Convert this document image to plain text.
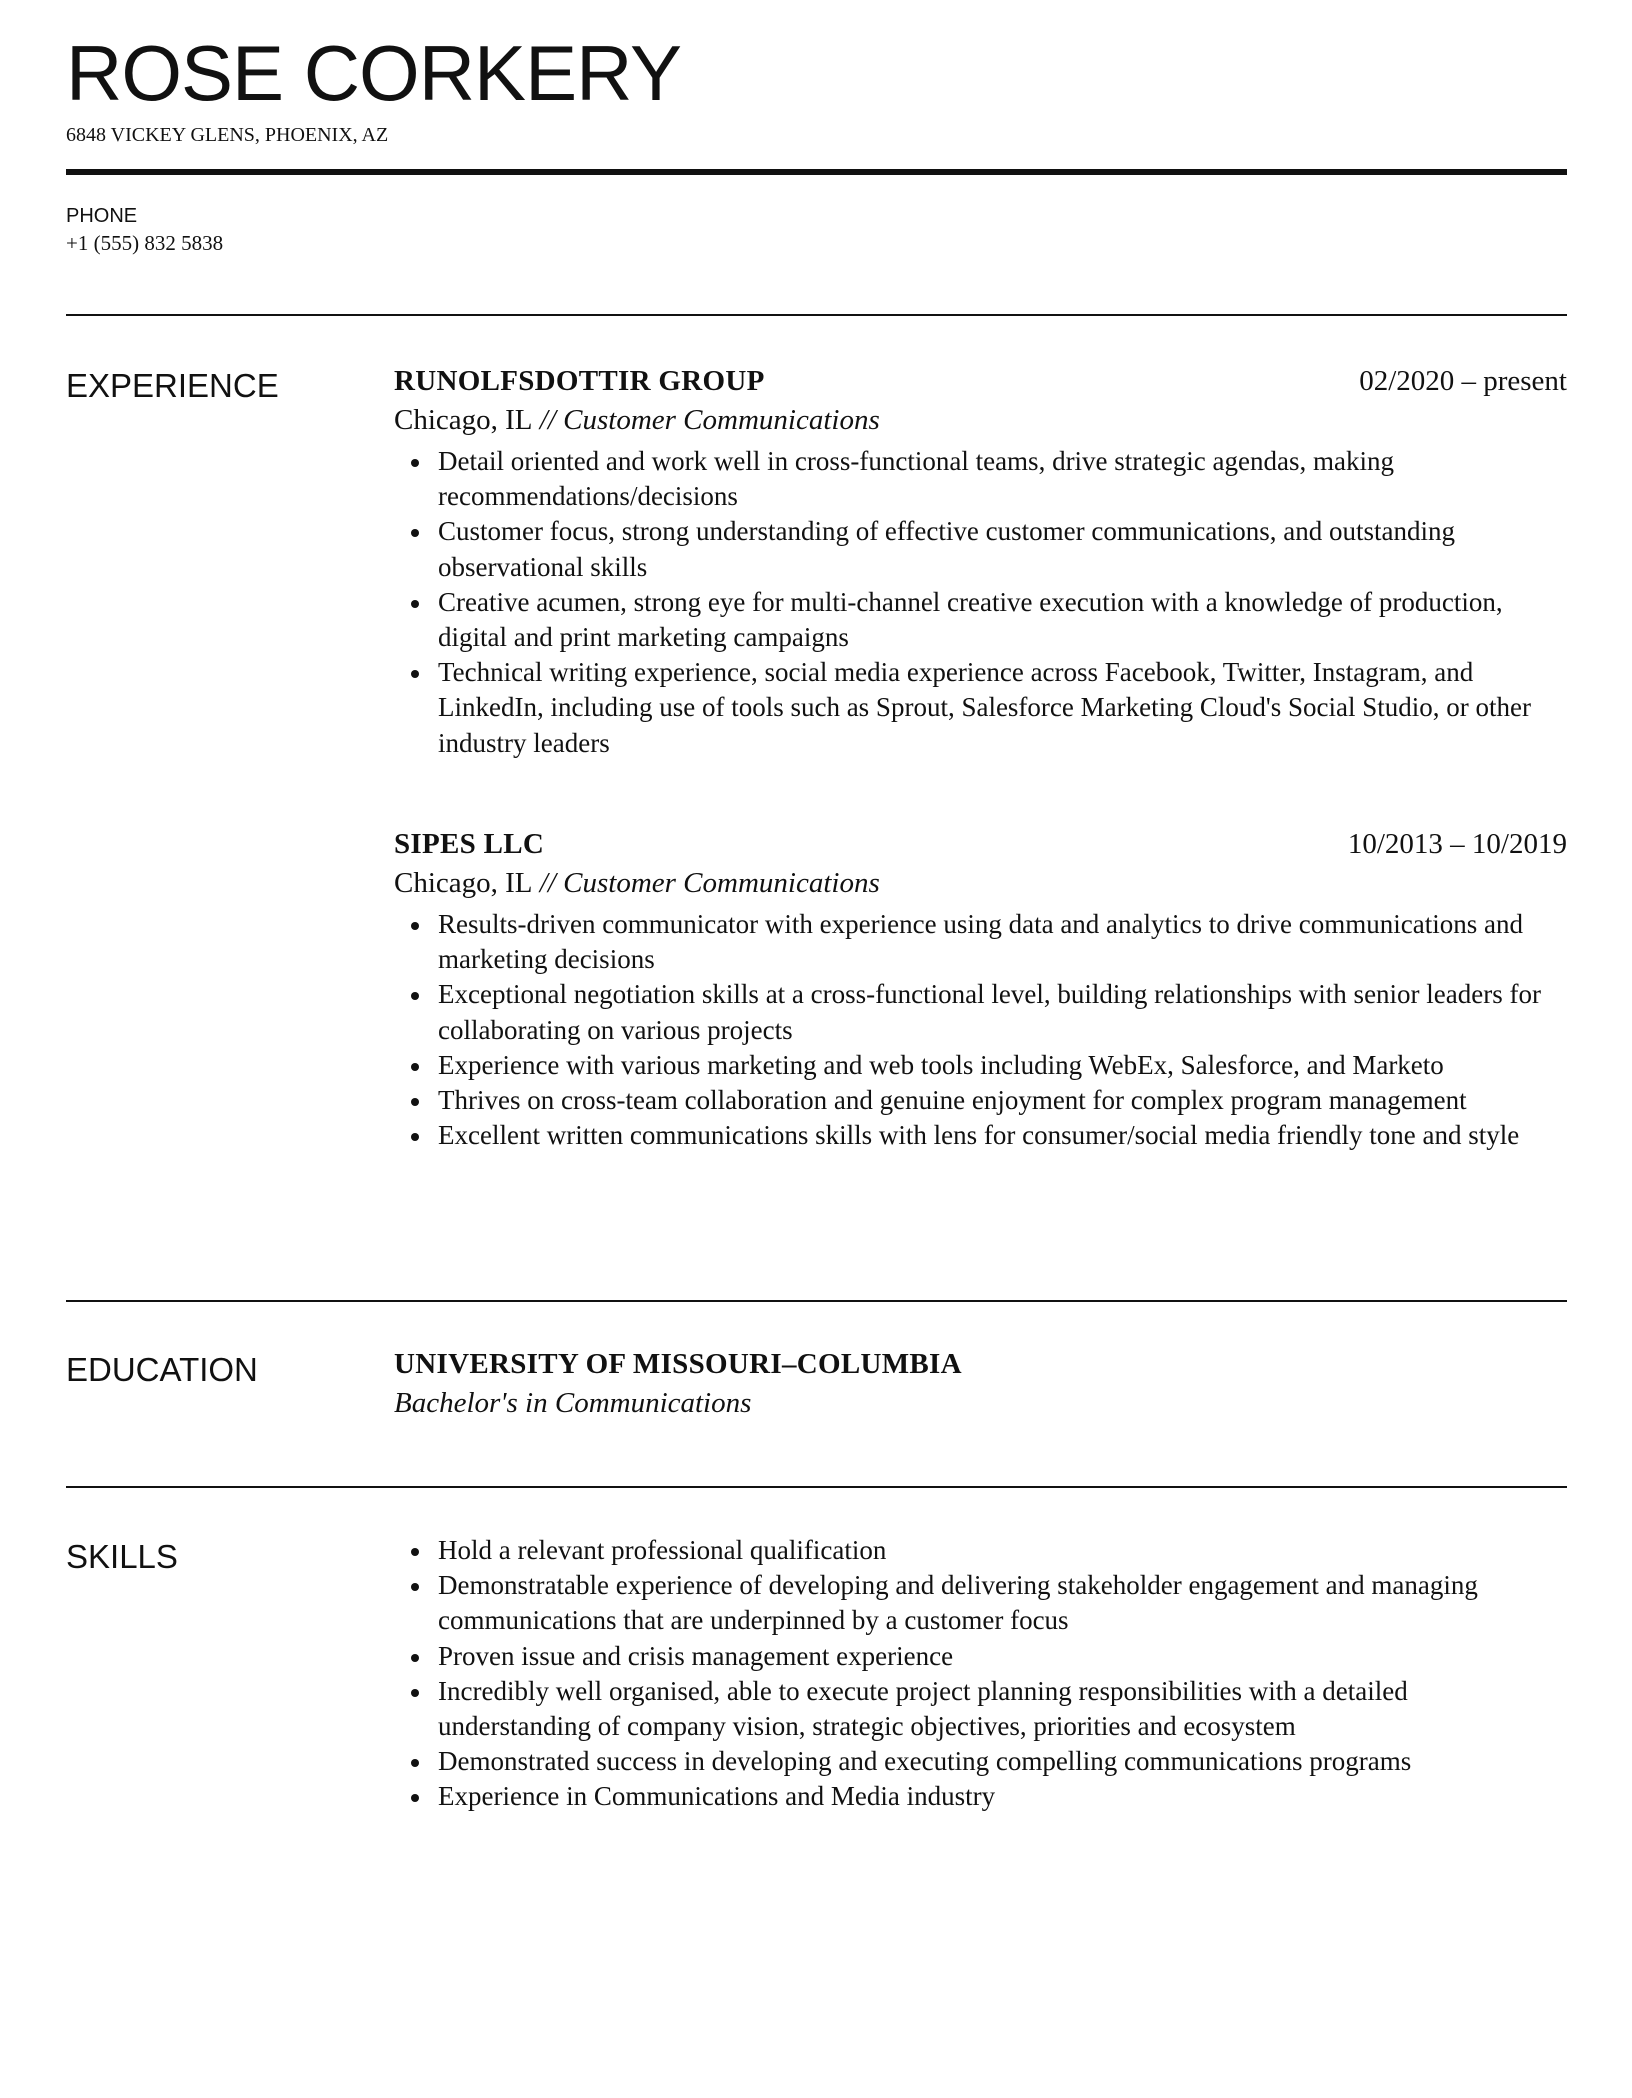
ROSE CORKERY
6848 VICKEY GLENS, PHOENIX, AZ
PHONE
+1 (555) 832 5838
EXPERIENCE	RUNOLFSDOTTIR GROUP	02/2020 – present
Chicago, IL // Customer Communications
Detail oriented and work well in cross-functional teams, drive strategic agendas, making recommendations/decisions
Customer focus, strong understanding of effective customer communications, and outstanding observational skills
Creative acumen, strong eye for multi-channel creative execution with a knowledge of production, digital and print marketing campaigns
Technical writing experience, social media experience across Facebook, Twitter, Instagram, and LinkedIn, including use of tools such as Sprout, Salesforce Marketing Cloud's Social Studio, or other industry leaders
SIPES LLC	10/2013 – 10/2019
Chicago, IL // Customer Communications
Results-driven communicator with experience using data and analytics to drive communications and marketing decisions
Exceptional negotiation skills at a cross-functional level, building relationships with senior leaders for collaborating on various projects
Experience with various marketing and web tools including WebEx, Salesforce, and Marketo
Thrives on cross-team collaboration and genuine enjoyment for complex program management
Excellent written communications skills with lens for consumer/social media friendly tone and style
EDUCATION	UNIVERSITY OF MISSOURI–COLUMBIA
Bachelor's in Communications
SKILLS	Hold a relevant professional qualification
Demonstratable experience of developing and delivering stakeholder engagement and managing communications that are underpinned by a customer focus
Proven issue and crisis management experience
Incredibly well organised, able to execute project planning responsibilities with a detailed understanding of company vision, strategic objectives, priorities and ecosystem
Demonstrated success in developing and executing compelling communications programs
Experience in Communications and Media industry
